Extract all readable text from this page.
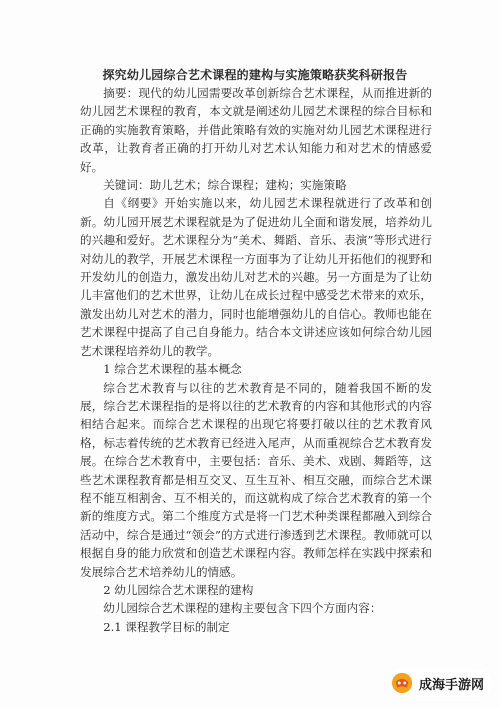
探究幼儿园综合艺术课程的建构与实施策略获奖科研报告

摘要：现代的幼儿园需要改革创新综合艺术课程，从而推进新的幼儿园艺术课程的教育，本文就是阐述幼儿园艺术课程的综合目标和正确的实施教育策略，并借此策略有效的实施对幼儿园艺术课程进行改革，让教育者正确的打开幼儿对艺术认知能力和对艺术的情感爱好。

关键词：助儿艺术；综合课程；建构；实施策略

自《纲要》开始实施以来，幼儿园艺术课程就进行了改革和创新。幼儿园开展艺术课程就是为了促进幼儿全面和谐发展，培养幼儿的兴趣和爱好。艺术课程分为“美术、舞蹈、音乐、表演”等形式进行对幼儿的教学，开展艺术课程一方面事为了让幼儿开拓他们的视野和开发幼儿的创造力，激发出幼儿对艺术的兴趣。另一方面是为了让幼儿丰富他们的艺术世界，让幼儿在成长过程中感受艺术带来的欢乐，激发出幼儿对艺术的潜力，同时也能增强幼儿的自信心。教师也能在艺术课程中提高了自己自身能力。结合本文讲述应该如何综合幼儿园艺术课程培养幼儿的教学。

1 综合艺术课程的基本概念

综合艺术教育与以往的艺术教育是不同的，随着我国不断的发展，综合艺术课程指的是将以往的艺术教育的内容和其他形式的内容相结合起来。而综合艺术课程的出现它将要打破以往的艺术教育风格，标志着传统的艺术教育已经进入尾声，从而重视综合艺术教育发展。在综合艺术教育中，主要包括：音乐、美术、戏剧、舞蹈等，这些艺术课程教育都是相互交叉、互生互补、相互交融，而综合艺术课程不能互相割舍、互不相关的，而这就构成了综合艺术教育的第一个新的维度方式。第二个维度方式是将一门艺术种类课程都融入到综合活动中，综合是通过“领会”的方式进行渗透到艺术课程。教师就可以根据自身的能力欣赏和创造艺术课程内容。教师怎样在实践中探索和发展综合艺术培养幼儿的情感。

2 幼儿园综合艺术课程的建构

幼儿园综合艺术课程的建构主要包含下四个方面内容：

2.1 课程教学目标的制定

成海手游网
